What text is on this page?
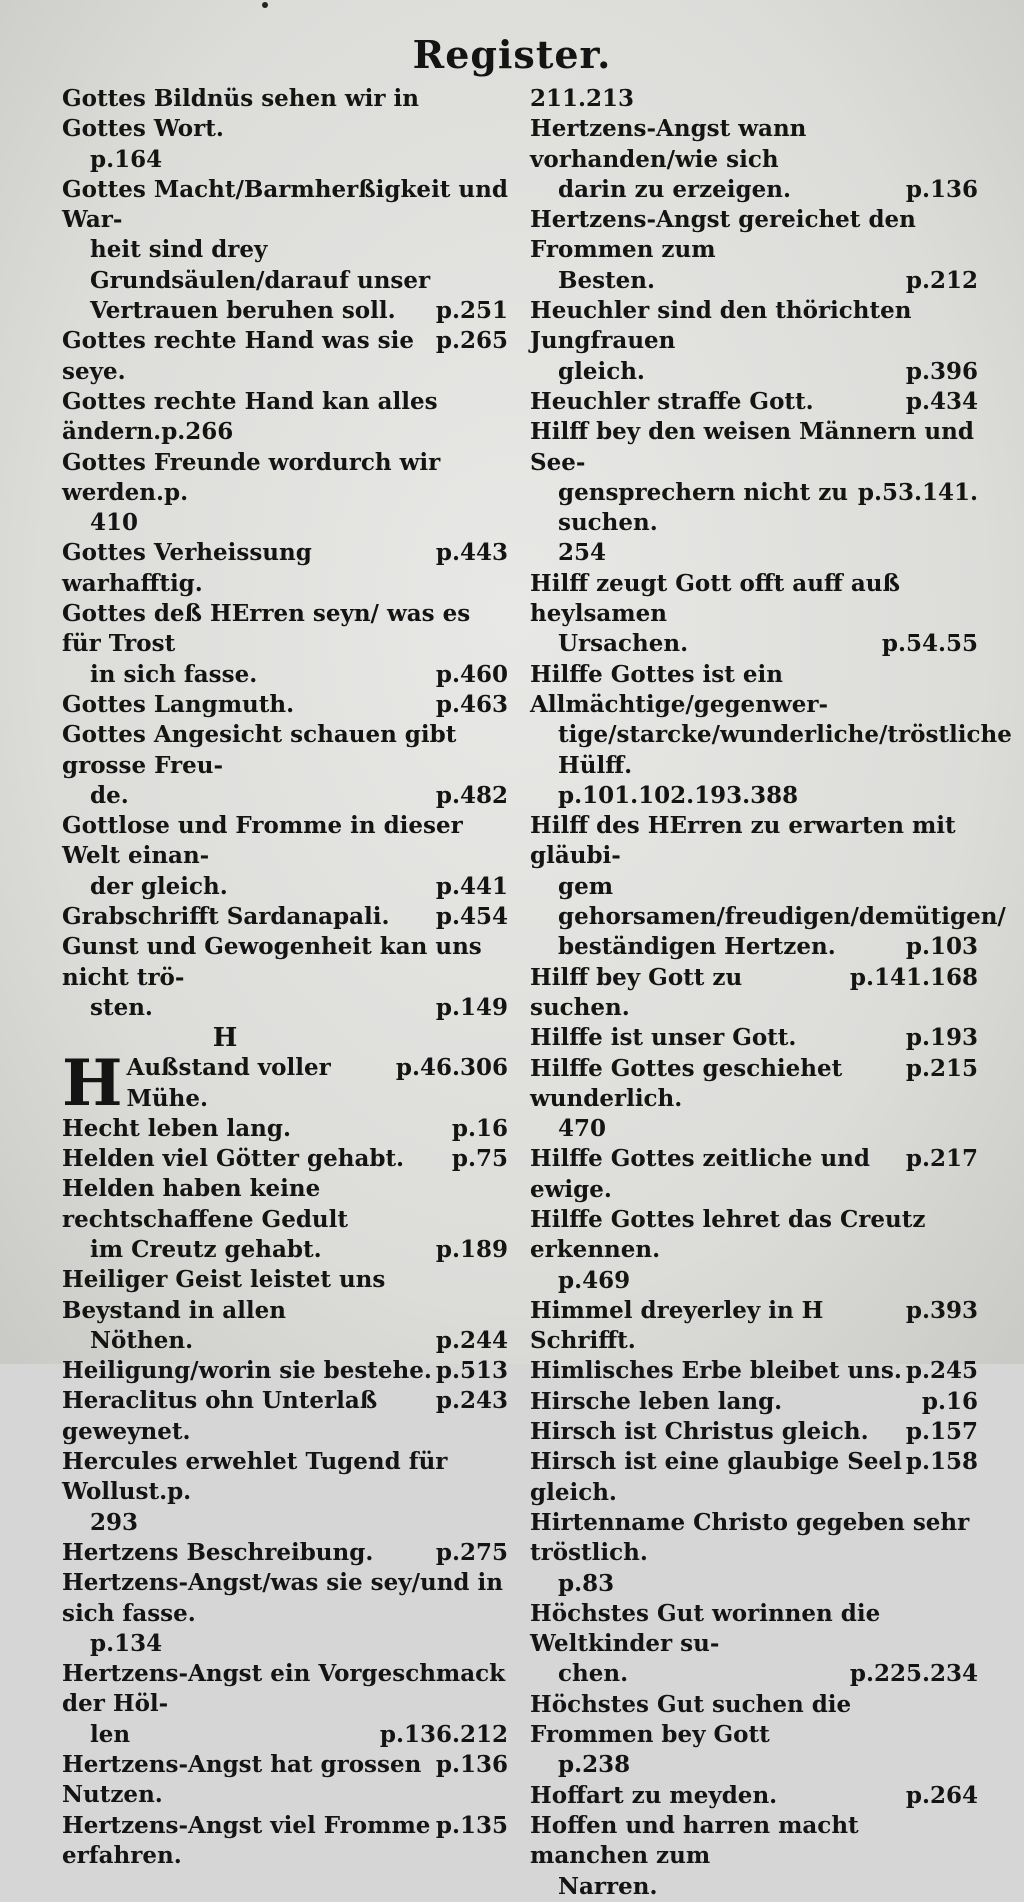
Register.
Gottes Bildnüs sehen wir in Gottes Wort.
p.164
Gottes Macht/Barmherßigkeit und War-
heit sind drey Grundsäulen/darauf unser
p.251
Vertrauen beruhen soll.
p.265
Gottes rechte Hand was sie seye.
Gottes rechte Hand kan alles ändern.p.266
Gottes Freunde wordurch wir werden.p.
410
p.443
Gottes Verheissung warhafftig.
Gottes deß HErren seyn/ was es für Trost
p.460
in sich fasse.
p.463
Gottes Langmuth.
Gottes Angesicht schauen gibt grosse Freu-
p.482
de.
Gottlose und Fromme in dieser Welt einan-
p.441
der gleich.
p.454
Grabschrifft Sardanapali.
Gunst und Gewogenheit kan uns nicht trö-
p.149
sten.
H
p.46.306
H Außstand voller Mühe.
p.16
Hecht leben lang.
p.75
Helden viel Götter gehabt.
Helden haben keine rechtschaffene Gedult
p.189
im Creutz gehabt.
Heiliger Geist leistet uns Beystand in allen
p.244
Nöthen.
p.513
Heiligung/worin sie bestehe.
p.243
Heraclitus ohn Unterlaß geweynet.
Hercules erwehlet Tugend für Wollust.p.
293
p.275
Hertzens Beschreibung.
Hertzens-Angst/was sie sey/und in sich fasse.
p.134
Hertzens-Angst ein Vorgeschmack der Höl-
p.136.212
len
p.136
Hertzens-Angst hat grossen Nutzen.
p.135
Hertzens-Angst viel Fromme erfahren.
211.213
Hertzens-Angst wann vorhanden/wie sich
p.136
darin zu erzeigen.
Hertzens-Angst gereichet den Frommen zum
p.212
Besten.
Heuchler sind den thörichten Jungfrauen
p.396
gleich.
p.434
Heuchler straffe Gott.
Hilff bey den weisen Männern und See-
p.53.141.
gensprechern nicht zu suchen.
254
Hilff zeugt Gott offt auff auß heylsamen
p.54.55
Ursachen.
Hilffe Gottes ist ein Allmächtige/gegenwer-
tige/starcke/wunderliche/tröstliche Hülff.
p.101.102.193.388
Hilff des HErren zu erwarten mit gläubi-
gem gehorsamen/freudigen/demütigen/
p.103
beständigen Hertzen.
p.141.168
Hilff bey Gott zu suchen.
p.193
Hilffe ist unser Gott.
p.215
Hilffe Gottes geschiehet wunderlich.
470
p.217
Hilffe Gottes zeitliche und ewige.
Hilffe Gottes lehret das Creutz erkennen.
p.469
p.393
Himmel dreyerley in H Schrifft.
p.245
Himlisches Erbe bleibet uns.
p.16
Hirsche leben lang.
p.157
Hirsch ist Christus gleich.
p.158
Hirsch ist eine glaubige Seel gleich.
Hirtenname Christo gegeben sehr tröstlich.
p.83
Höchstes Gut worinnen die Weltkinder su-
p.225.234
chen.
Höchstes Gut suchen die Frommen bey Gott
p.238
p.264
Hoffart zu meyden.
Hoffen und harren macht manchen zum
Narren.
